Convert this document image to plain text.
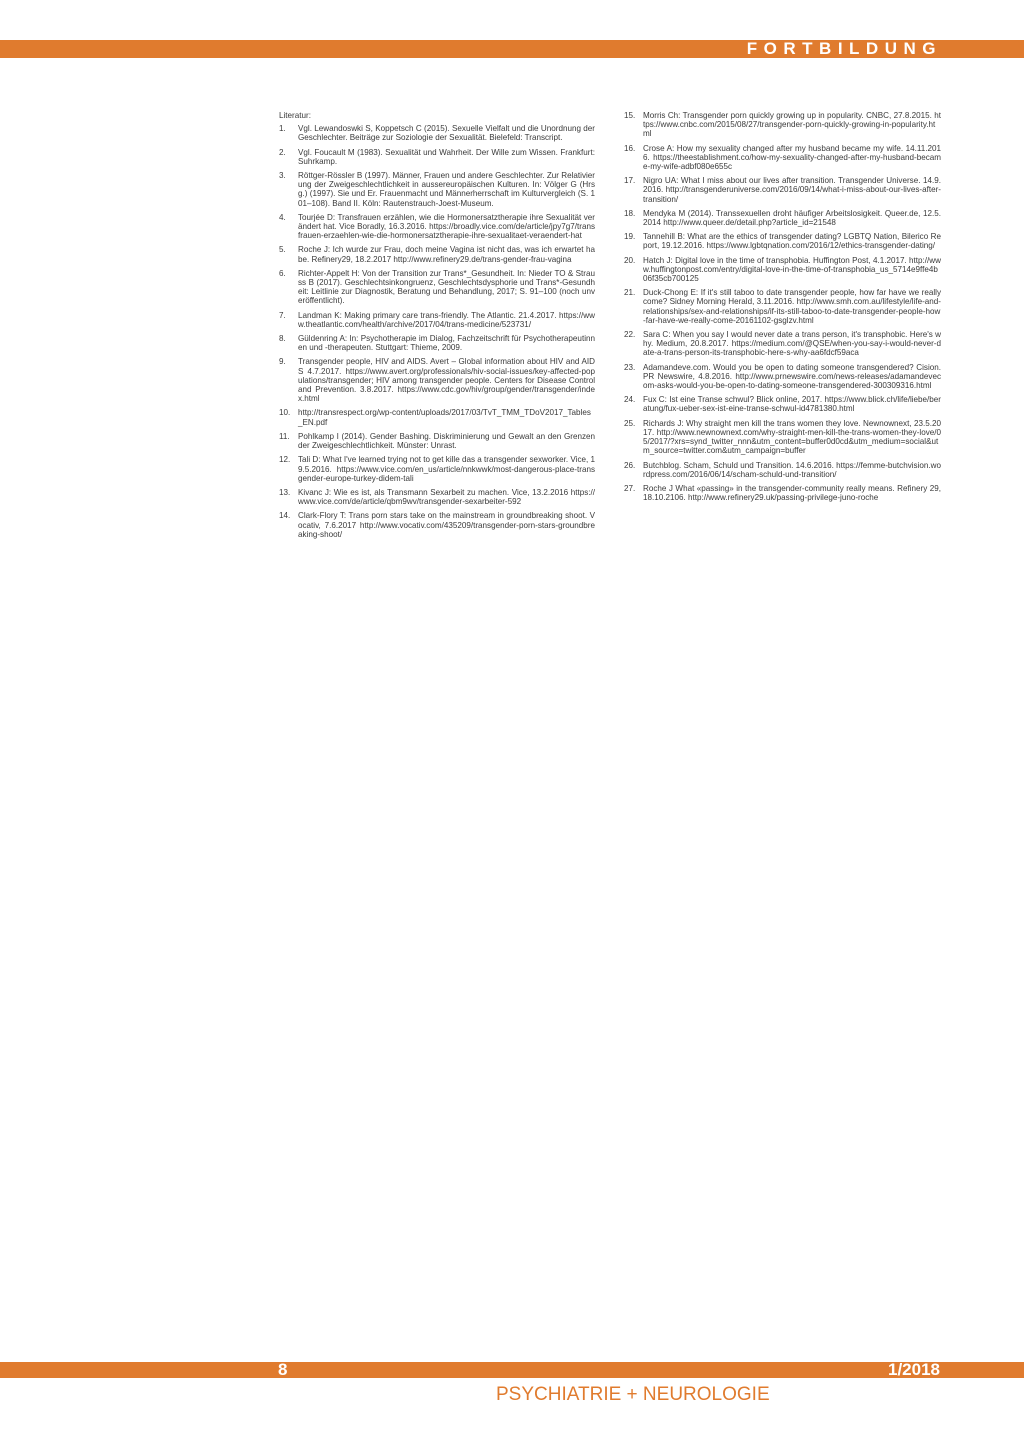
FORTBILDUNG
Literatur:
1. Vgl. Lewandoswki S, Koppetsch C (2015). Sexuelle Vielfalt und die Unordnung der Geschlechter. Beiträge zur Soziologie der Sexualität. Bielefeld: Transcript.
2. Vgl. Foucault M (1983). Sexualität und Wahrheit. Der Wille zum Wissen. Frankfurt: Suhrkamp.
3. Röttger-Rössler B (1997). Männer, Frauen und andere Geschlechter. Zur Relativierung der Zweigeschlechtlichkeit in aussereuropäischen Kulturen. In: Völger G (Hrsg.) (1997). Sie und Er. Frauenmacht und Männerherrschaft im Kulturvergleich (S. 101–108). Band II. Köln: Rautenstrauch-Joest-Museum.
4. Tourjée D: Transfrauen erzählen, wie die Hormonersatztherapie ihre Sexualität verändert hat. Vice Boradly, 16.3.2016. https://broadly.vice.com/de/article/jpy7g7/transfrauen-erzaehlen-wie-die-hormonersatztherapie-ihre-sexualitaet-veraendert-hat
5. Roche J: Ich wurde zur Frau, doch meine Vagina ist nicht das, was ich erwartet habe. Refinery29, 18.2.2017 http://www.refinery29.de/trans-gender-frau-vagina
6. Richter-Appelt H: Von der Transition zur Trans*_Gesundheit. In: Nieder TO & Strauss B (2017). Geschlechtsinkongruenz, Geschlechtsdysphorie und Trans*-Gesundheit: Leitlinie zur Diagnostik, Beratung und Behandlung, 2017; S. 91–100 (noch unveröffentlicht).
7. Landman K: Making primary care trans-friendly. The Atlantic. 21.4.2017. https://www.theatlantic.com/health/archive/2017/04/trans-medicine/523731/
8. Güldenring A: In: Psychotherapie im Dialog, Fachzeitschrift für Psychotherapeutinnen und -therapeuten. Stuttgart: Thieme, 2009.
9. Transgender people, HIV and AIDS. Avert – Global information about HIV and AIDS 4.7.2017. https://www.avert.org/professionals/hiv-social-issues/key-affected-populations/transgender; HIV among transgender people. Centers for Disease Control and Prevention. 3.8.2017. https://www.cdc.gov/hiv/group/gender/transgender/index.html
10. http://transrespect.org/wp-content/uploads/2017/03/TvT_TMM_TDoV2017_Tables_EN.pdf
11. Pohlkamp I (2014). Gender Bashing. Diskriminierung und Gewalt an den Grenzen der Zweigeschlechtlichkeit. Münster: Unrast.
12. Tali D: What I've learned trying not to get kille das a transgender sexworker. Vice, 19.5.2016. https://www.vice.com/en_us/article/nnkwwk/most-dangerous-place-transgender-europe-turkey-didem-tali
13. Kivanc J: Wie es ist, als Transmann Sexarbeit zu machen. Vice, 13.2.2016 https://www.vice.com/de/article/qbm9wv/transgender-sexarbeiter-592
14. Clark-Flory T: Trans porn stars take on the mainstream in groundbreaking shoot. Vocativ, 7.6.2017 http://www.vocativ.com/435209/transgender-porn-stars-groundbreaking-shoot/
15. Morris Ch: Transgender porn quickly growing up in popularity. CNBC, 27.8.2015. https://www.cnbc.com/2015/08/27/transgender-porn-quickly-growing-in-popularity.html
16. Crose A: How my sexuality changed after my husband became my wife. 14.11.2016. https://theestablishment.co/how-my-sexuality-changed-after-my-husband-became-my-wife-adbf080e655c
17. Nigro UA: What I miss about our lives after transition. Transgender Universe. 14.9.2016. http://transgenderuniverse.com/2016/09/14/what-i-miss-about-our-lives-after-transition/
18. Mendyka M (2014). Transsexuellen droht häufiger Arbeitslosigkeit. Queer.de, 12.5.2014 http://www.queer.de/detail.php?article_id=21548
19. Tannehill B: What are the ethics of transgender dating? LGBTQ Nation, Bilerico Report, 19.12.2016. https://www.lgbtqnation.com/2016/12/ethics-transgender-dating/
20. Hatch J: Digital love in the time of transphobia. Huffington Post, 4.1.2017. http://www.huffingtonpost.com/entry/digital-love-in-the-time-of-transphobia_us_5714e9ffe4b06f35cb700125
21. Duck-Chong E: If it's still taboo to date transgender people, how far have we really come? Sidney Morning Herald, 3.11.2016. http://www.smh.com.au/lifestyle/life-and-relationships/sex-and-relationships/if-its-still-taboo-to-date-transgender-people-how-far-have-we-really-come-20161102-gsglzv.html
22. Sara C: When you say I would never date a trans person, it's transphobic. Here's why. Medium, 20.8.2017. https://medium.com/@QSE/when-you-say-i-would-never-date-a-trans-person-its-transphobic-here-s-why-aa6fdcf59aca
23. Adamandeve.com. Would you be open to dating someone transgendered? Cision. PR Newswire, 4.8.2016. http://www.prnewswire.com/news-releases/adamandevecom-asks-would-you-be-open-to-dating-someone-transgendered-300309316.html
24. Fux C: Ist eine Transe schwul? Blick online, 2017. https://www.blick.ch/life/liebe/beratung/fux-ueber-sex-ist-eine-transe-schwul-id4781380.html
25. Richards J: Why straight men kill the trans women they love. Newnownext, 23.5.2017. http://www.newnownext.com/why-straight-men-kill-the-trans-women-they-love/05/2017/?xrs=synd_twitter_nnn&utm_content=buffer0d0cd&utm_medium=social&utm_source=twitter.com&utm_campaign=buffer
26. Butchblog. Scham, Schuld und Transition. 14.6.2016. https://femme-butchvision.wordpress.com/2016/06/14/scham-schuld-und-transition/
27. Roche J What «passing» in the transgender-community really means. Refinery 29, 18.10.2106. http://www.refinery29.uk/passing-privilege-juno-roche
8	1/2018
PSYCHIATRIE + NEUROLOGIE
